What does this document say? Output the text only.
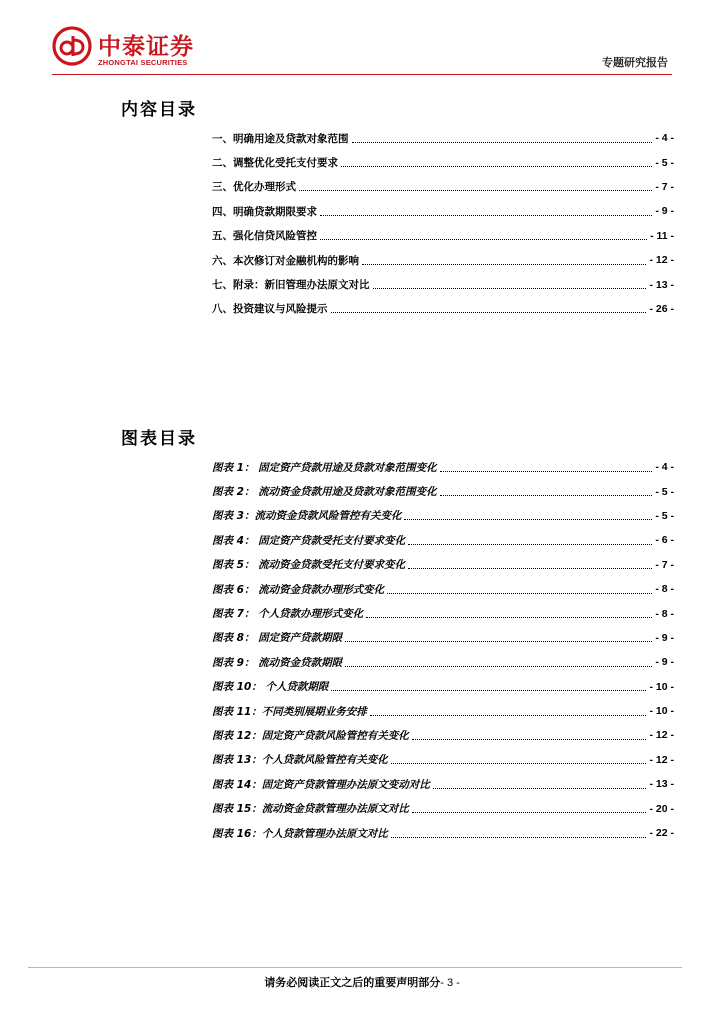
中泰证券
ZHONGTAI SECURITIES	专题研究报告
内容目录
一、明确用途及贷款对象范围	- 4 -
二、调整优化受托支付要求	- 5 -
三、优化办理形式	- 7 -
四、明确贷款期限要求	- 9 -
五、强化信贷风险管控	- 11 -
六、本次修订对金融机构的影响	- 12 -
七、附录：新旧管理办法原文对比	- 13 -
八、投资建议与风险提示	- 26 -
图表目录
图表 1： 固定资产贷款用途及贷款对象范围变化	- 4 -
图表 2： 流动资金贷款用途及贷款对象范围变化	- 5 -
图表 3：流动资金贷款风险管控有关变化	- 5 -
图表 4： 固定资产贷款受托支付要求变化	- 6 -
图表 5： 流动资金贷款受托支付要求变化	- 7 -
图表 6： 流动资金贷款办理形式变化	- 8 -
图表 7： 个人贷款办理形式变化	- 8 -
图表 8： 固定资产贷款期限	- 9 -
图表 9： 流动资金贷款期限	- 9 -
图表 10： 个人贷款期限	- 10 -
图表 11：不同类别展期业务安排	- 10 -
图表 12：固定资产贷款风险管控有关变化	- 12 -
图表 13：个人贷款风险管控有关变化	- 12 -
图表 14：固定资产贷款管理办法原文变动对比	- 13 -
图表 15：流动资金贷款管理办法原文对比	- 20 -
图表 16：个人贷款管理办法原文对比	- 22 -
请务必阅读正文之后的重要声明部分- 3 -
